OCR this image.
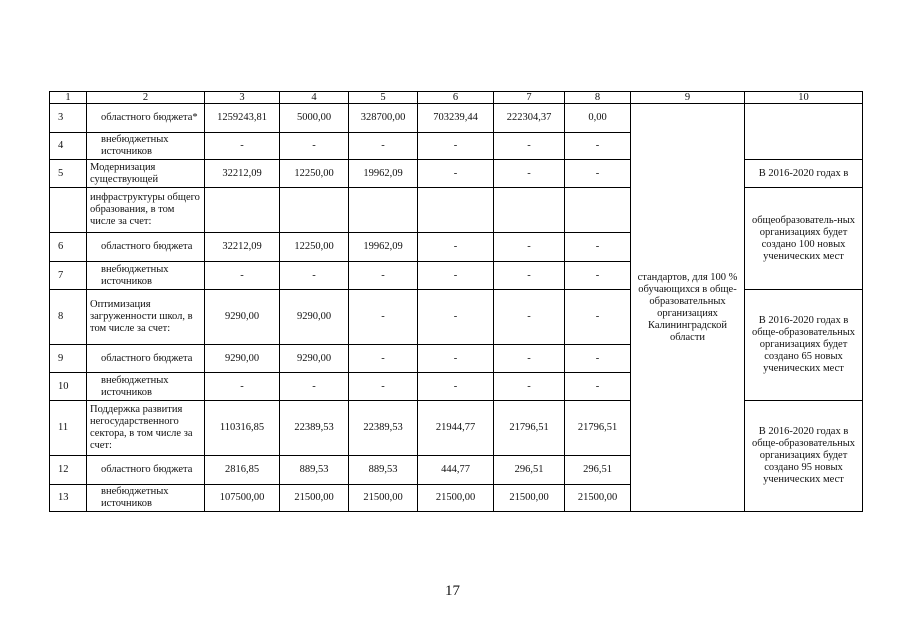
1	2	3	4	5	6	7	8	9	10
3	областного бюджета*	1259243,81	5000,00	328700,00	703239,44	222304,37	0,00	стандартов, для 100 % обучающихся в обще-образовательных организациях Калининградской области	
4	внебюджетных источников	-	-	-	-	-	-		
5	Модернизация существующей	32212,09	12250,00	19962,09	-	-	-		В 2016-2020 годах в
	инфраструктуры общего образования, в том числе за счет:								общеобразователь-ных организациях будет создано 100 новых ученических мест
6	областного бюджета	32212,09	12250,00	19962,09	-	-	-		
7	внебюджетных источников	-	-	-	-	-	-		
8	Оптимизация загруженности школ, в том числе за счет:	9290,00	9290,00	-	-	-	-		В 2016-2020 годах в обще-образовательных организациях будет создано 65 новых ученических мест
9	областного бюджета	9290,00	9290,00	-	-	-	-		
10	внебюджетных источников	-	-	-	-	-	-		
11	Поддержка развития негосударственного сектора, в том числе за счет:	110316,85	22389,53	22389,53	21944,77	21796,51	21796,51		В 2016-2020 годах в обще-образовательных организациях будет создано 95 новых ученических мест
12	областного бюджета	2816,85	889,53	889,53	444,77	296,51	296,51		
13	внебюджетных источников	107500,00	21500,00	21500,00	21500,00	21500,00	21500,00		
17
